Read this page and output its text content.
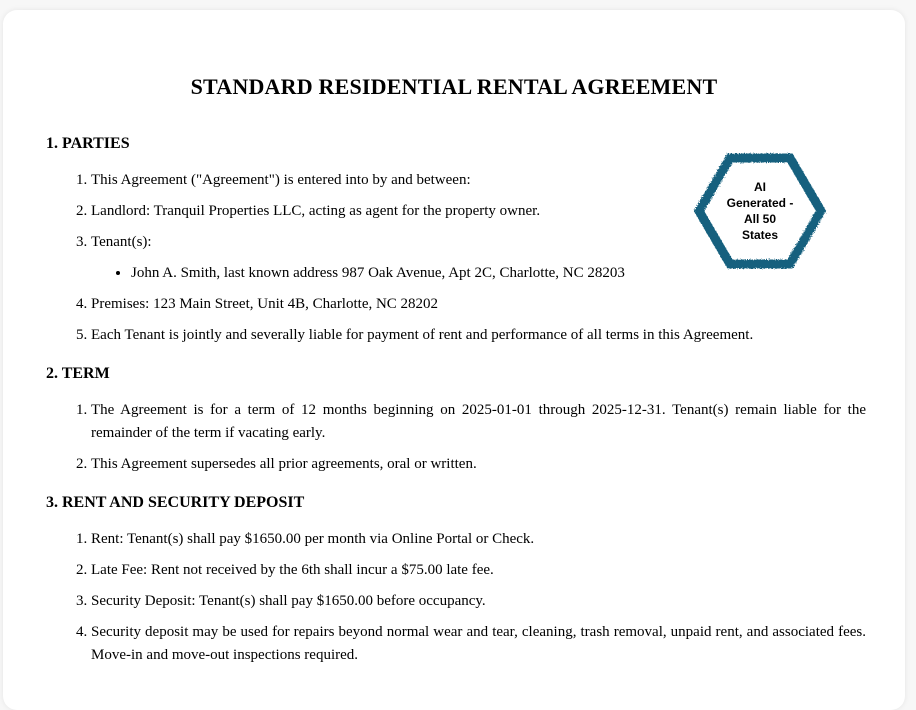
STANDARD RESIDENTIAL RENTAL AGREEMENT
AI Generated - All 50 States
1. PARTIES
1. This Agreement ("Agreement") is entered into by and between:
2. Landlord: Tranquil Properties LLC, acting as agent for the property owner.
3. Tenant(s):
• John A. Smith, last known address 987 Oak Avenue, Apt 2C, Charlotte, NC 28203
4. Premises: 123 Main Street, Unit 4B, Charlotte, NC 28202
5. Each Tenant is jointly and severally liable for payment of rent and performance of all terms in this Agreement.
2. TERM
1. The Agreement is for a term of 12 months beginning on 2025-01-01 through 2025-12-31. Tenant(s) remain liable for the remainder of the term if vacating early.
2. This Agreement supersedes all prior agreements, oral or written.
3. RENT AND SECURITY DEPOSIT
1. Rent: Tenant(s) shall pay $1650.00 per month via Online Portal or Check.
2. Late Fee: Rent not received by the 6th shall incur a $75.00 late fee.
3. Security Deposit: Tenant(s) shall pay $1650.00 before occupancy.
4. Security deposit may be used for repairs beyond normal wear and tear, cleaning, trash removal, unpaid rent, and associated fees. Move-in and move-out inspections required.
